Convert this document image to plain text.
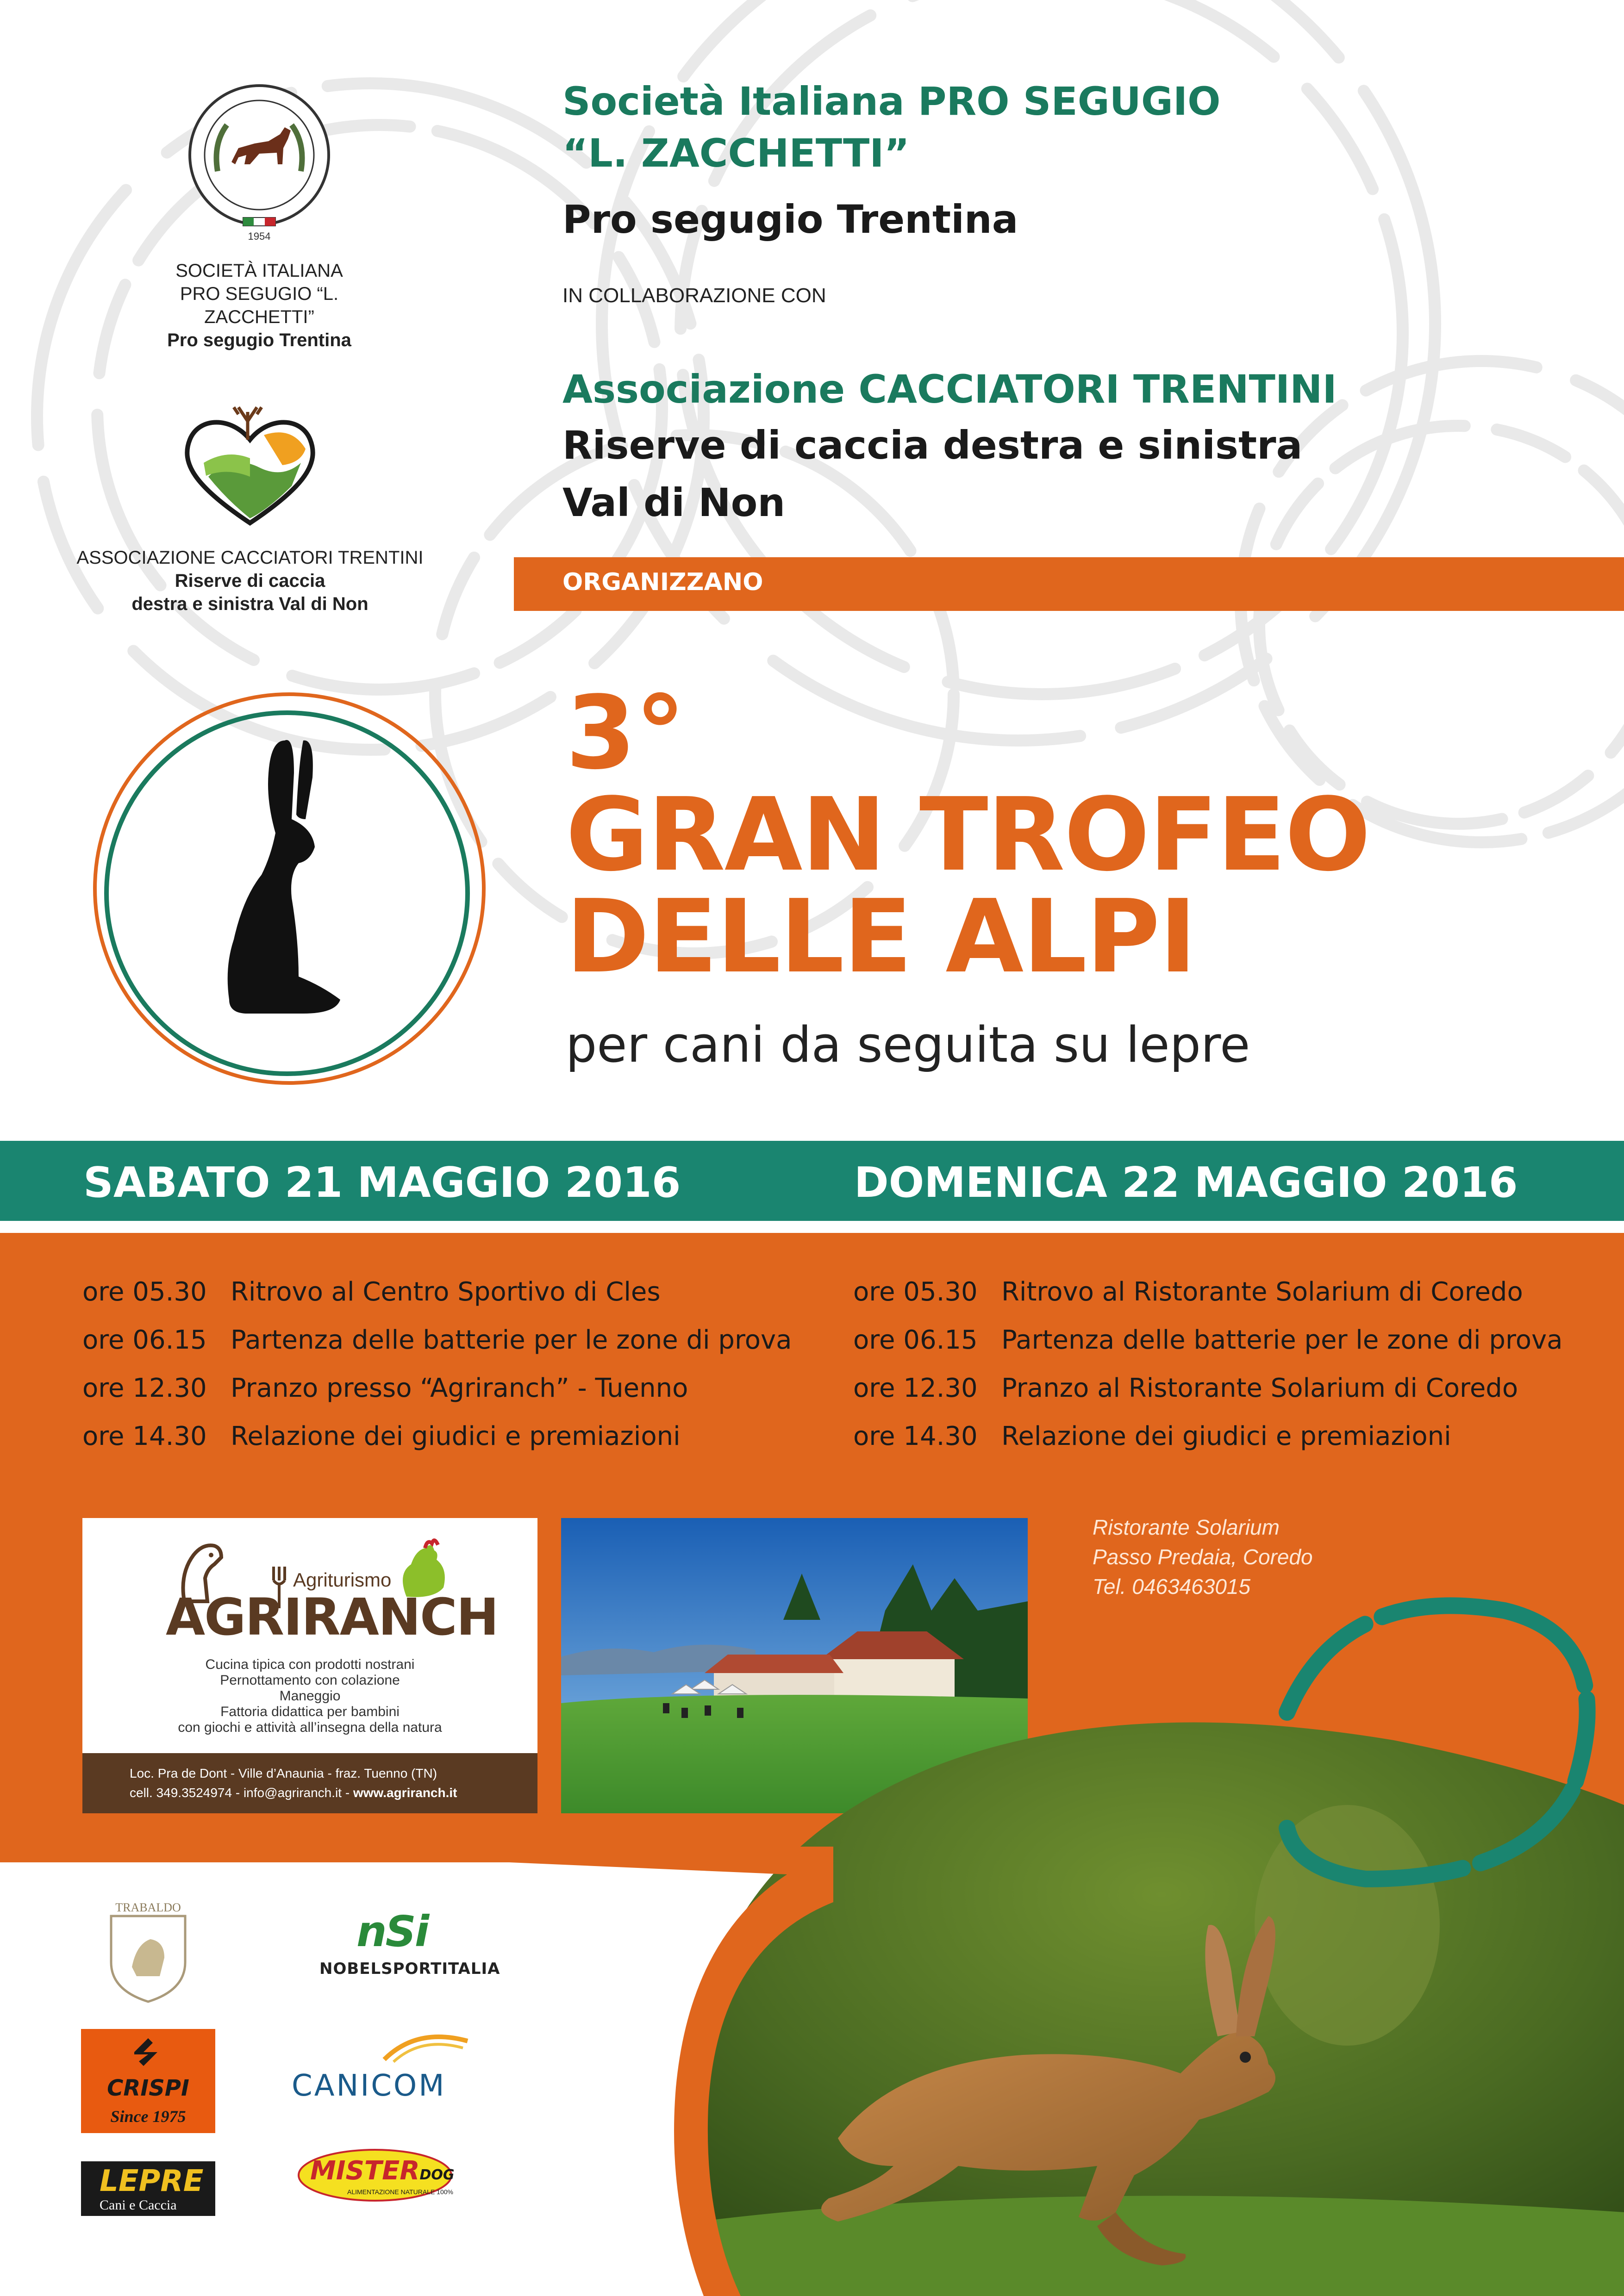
1954
SOCIETÀ ITALIANA
PRO SEGUGIO “L. ZACCHETTI”
Pro segugio Trentina
ASSOCIAZIONE CACCIATORI TRENTINI
Riserve di caccia
destra e sinistra Val di Non
Società Italiana PRO SEGUGIO
“L. ZACCHETTI”
Pro segugio Trentina
IN COLLABORAZIONE CON
Associazione CACCIATORI TRENTINI
Riserve di caccia destra e sinistra
Val di Non
ORGANIZZANO
3°
GRAN TROFEO
DELLE ALPI
per cani da seguita su lepre
SABATO 21 MAGGIO 2016	DOMENICA 22 MAGGIO 2016
ore 05.30 Ritrovo al Centro Sportivo di Cles
ore 06.15 Partenza delle batterie per le zone di prova
ore 12.30 Pranzo presso “Agriranch” - Tuenno
ore 14.30 Relazione dei giudici e premiazioni
ore 05.30 Ritrovo al Ristorante Solarium di Coredo
ore 06.15 Partenza delle batterie per le zone di prova
ore 12.30 Pranzo al Ristorante Solarium di Coredo
ore 14.30 Relazione dei giudici e premiazioni
Agriturismo
AGRIRANCH
Cucina tipica con prodotti nostrani
Pernottamento con colazione
Maneggio
Fattoria didattica per bambini
con giochi e attività all’insegna della natura
Loc. Pra de Dont - Ville d’Anaunia - fraz. Tuenno (TN)
cell. 349.3524974 - info@agriranch.it - www.agriranch.it
Ristorante Solarium
Passo Predaia, Coredo
Tel. 0463463015
TRABALDO	nSi
NOBELSPORTITALIA
CRISPI
Since 1975
CANICOM
LEPRE
Cani e Caccia
MISTERDOG
ALIMENTAZIONE NATURALE 100%
